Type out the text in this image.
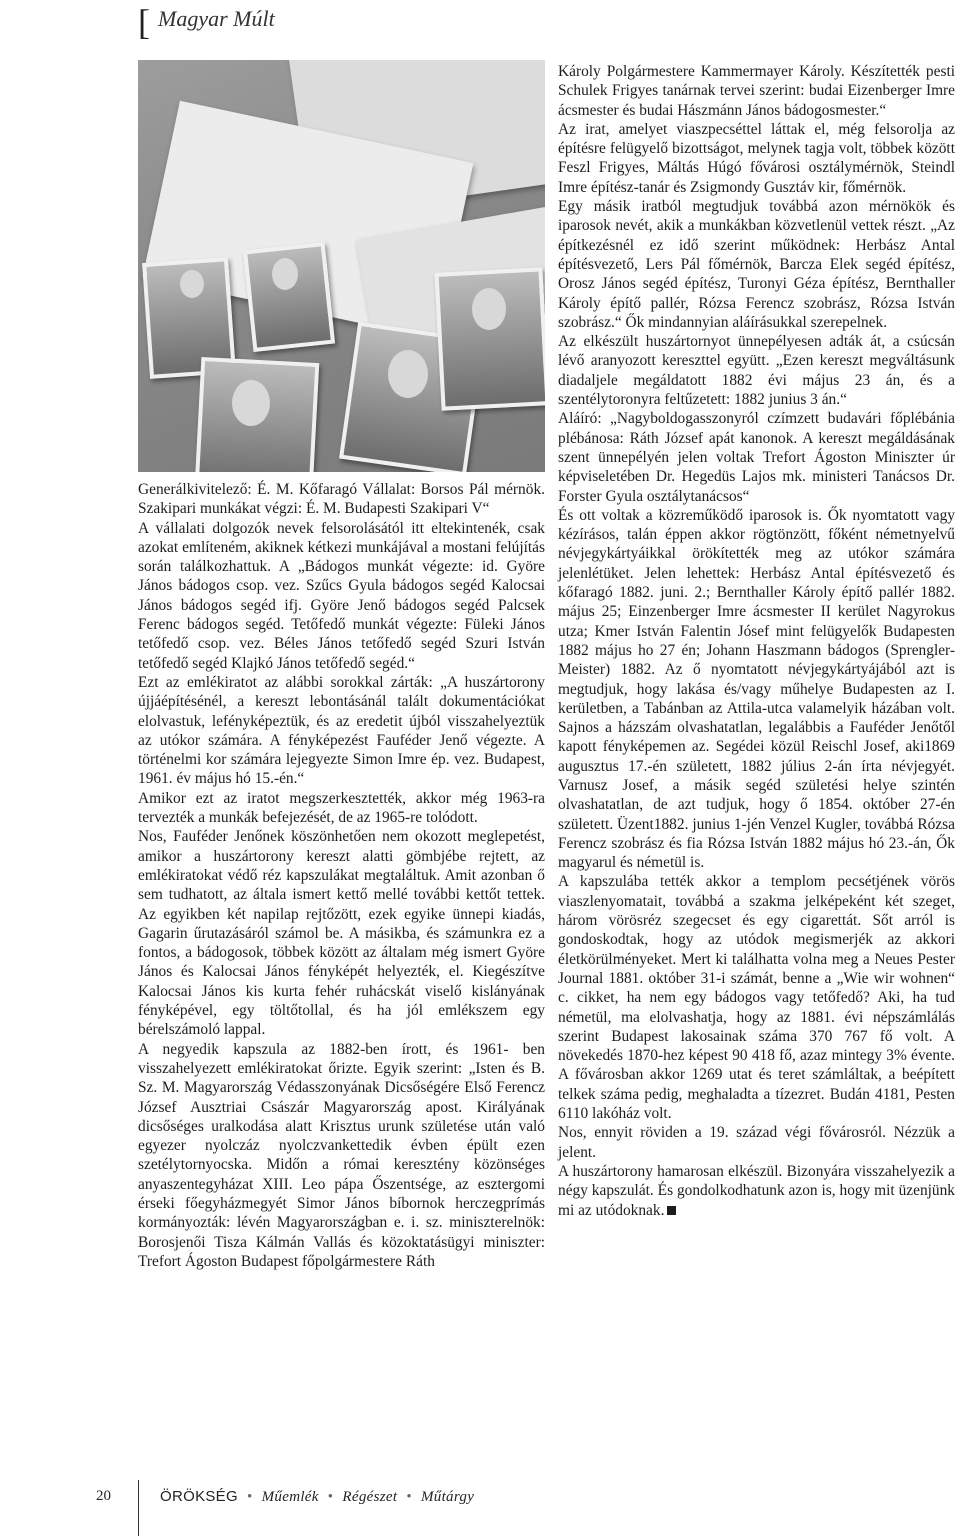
[ Magyar Múlt

Generálkivitelező: É. M. Kőfaragó Vállalat: Borsos Pál mérnök. Szakipari munkákat végzi: É. M. Budapesti Szakipari V“

A vállalati dolgozók nevek felsorolásától itt eltekintenék, csak azokat említeném, akiknek kétkezi munkájával a mostani felújítás során találkozhattuk. A „Bádogos munkát végezte: id. Györe János bádogos csop. vez. Szűcs Gyula bádogos segéd Kalocsai János bádogos segéd ifj. Györe Jenő bádogos segéd Palcsek Ferenc bádogos segéd. Tetőfedő munkát végezte: Füleki János tetőfedő csop. vez. Béles János tetőfedő segéd Szuri István tetőfedő segéd Klajkó János tetőfedő segéd.“

Ezt az emlékiratot az alábbi sorokkal zárták: „A huszártorony újjáépítésénél, a kereszt lebontásánál talált dokumentációkat elolvastuk, lefényképeztük, és az eredetit újból visszahelyeztük az utókor számára. A fényképezést Fauféder Jenő végezte. A történelmi kor számára lejegyezte Simon Imre ép. vez. Budapest, 1961. év május hó 15.-én.“

Amikor ezt az iratot megszerkesztették, akkor még 1963-ra tervezték a munkák befejezését, de az 1965-re tolódott.

Nos, Fauféder Jenőnek köszönhetően nem okozott meglepetést, amikor a huszártorony kereszt alatti gömbjébe rejtett, az emlékiratokat védő réz kapszulákat megtaláltuk. Amit azonban ő sem tudhatott, az általa ismert kettő mellé további kettőt tettek. Az egyikben két napilap rejtőzött, ezek egyike ünnepi kiadás, Gagarin űrutazásáról számol be. A másikba, és számunkra ez a fontos, a bádogosok, többek között az általam még ismert Györe János és Kalocsai János fényképét helyezték, el. Kiegészítve Kalocsai János kis kurta fehér ruhácskát viselő kislányának fényképével, egy töltőtollal, és ha jól emlékszem egy bérelszámoló lappal.

A negyedik kapszula az 1882-ben írott, és 1961- ben visszahelyezett emlékiratokat őrizte. Egyik szerint: „Isten és B. Sz. M. Magyarország Védasszonyának Dicsőségére Első Ferencz József Ausztriai Császár Magyarország apost. Királyának dicsőséges uralkodása alatt Krisztus urunk születése után való egyezer nyolczáz nyolczvankettedik évben épült ezen szetélytornyocska. Midőn a római keresztény közönséges anyaszentegyházat XIII. Leo pápa Őszentsége, az esztergomi érseki főegyházmegyét Simor János bíbornok herczegprímás kormányozták: lévén Magyarországban e. i. sz. miniszterelnök: Borosjenői Tisza Kálmán Vallás és közoktatásügyi miniszter: Trefort Ágoston Budapest főpolgármestere Ráth

Károly Polgármestere Kammermayer Károly. Készítették pesti Schulek Frigyes tanárnak tervei szerint: budai Eizenberger Imre ácsmester és budai Hászmánn János bádogosmester.“

Az irat, amelyet viaszpecséttel láttak el, még felsorolja az építésre felügyelő bizottságot, melynek tagja volt, többek között Feszl Frigyes, Máltás Húgó fővárosi osztálymérnök, Steindl Imre építész-tanár és Zsigmondy Gusztáv kir, főmérnök.

Egy másik iratból megtudjuk továbbá azon mérnökök és iparosok nevét, akik a munkákban közvetlenül vettek részt. „Az építkezésnél ez idő szerint működnek: Herbász Antal építésvezető, Lers Pál főmérnök, Barcza Elek segéd építész, Orosz János segéd építész, Turonyi Géza építész, Bernthaller Károly építő pallér, Rózsa Ferencz szobrász, Rózsa István szobrász.“ Ők mindannyian aláírásukkal szerepelnek.

Az elkészült huszártornyot ünnepélyesen adták át, a csúcsán lévő aranyozott kereszttel együtt. „Ezen kereszt megváltásunk diadaljele megáldatott 1882 évi május 23 án, és a szentélytoronyra feltűzetett: 1882 junius 3 án.“

Aláíró: „Nagyboldogasszonyról czímzett budavári főplébánia plébánosa: Ráth József apát kanonok. A kereszt megáldásának szent ünnepélyén jelen voltak Trefort Ágoston Miniszter úr képviseletében Dr. Hegedüs Lajos mk. ministeri Tanácsos Dr. Forster Gyula osztálytanácsos“

És ott voltak a közreműködő iparosok is. Ők nyomtatott vagy kézírásos, talán éppen akkor rögtönzött, főként németnyelvű névjegykártyáikkal örökítették meg az utókor számára jelenlétüket. Jelen lehettek: Herbász Antal építésvezető és kőfaragó 1882. juni. 2.; Bernthaller Károly építő pallér 1882. május 25; Einzenberger Imre ácsmester II kerület Nagyrokus utza; Kmer István Falentin Jósef mint felügyelők Budapesten 1882 május ho 27 én; Johann Haszmann bádogos (Sprengler-Meister) 1882. Az ő nyomtatott névjegykártyájából azt is megtudjuk, hogy lakása és/vagy műhelye Budapesten az I. kerületben, a Tabánban az Attila-utca valamelyik házában volt. Sajnos a házszám olvashatatlan, legalábbis a Fauféder Jenőtől kapott fényképemen az. Segédei közül Reischl Josef, aki1869 augusztus 17.-én született, 1882 július 2-án írta névjegyét. Varnusz Josef, a másik segéd születési helye szintén olvashatatlan, de azt tudjuk, hogy ő 1854. október 27-én született. Üzent1882. junius 1-jén Venzel Kugler, továbbá Rózsa Ferencz szobrász és fia Rózsa István 1882 május hó 23.-án, Ők magyarul és németül is.

A kapszulába tették akkor a templom pecsétjének vörös viaszlenyomatait, továbbá a szakma jelképeként két szeget, három vörösréz szegecset és egy cigarettát. Sőt arról is gondoskodtak, hogy az utódok megismerjék az akkori életkörülményeket. Mert ki találhatta volna meg a Neues Pester Journal 1881. október 31-i számát, benne a „Wie wir wohnen“ c. cikket, ha nem egy bádogos vagy tetőfedő? Aki, ha tud németül, ma elolvashatja, hogy az 1881. évi népszámlálás szerint Budapest lakosainak száma 370 767 fő volt. A növekedés 1870-hez képest 90 418 fő, azaz mintegy 3% évente. A fővárosban akkor 1269 utat és teret számláltak, a beépített telkek száma pedig, meghaladta a tízezret. Budán 4181, Pesten 6110 lakóház volt.

Nos, ennyit röviden a 19. század végi fővárosról. Nézzük a jelent.

A huszártorony hamarosan elkészül. Bizonyára visszahelyezik a négy kapszulát. És gondolkodhatunk azon is, hogy mit üzenjünk mi az utódoknak.

20	ÖRÖKSÉG • Műemlék • Régészet • Műtárgy
